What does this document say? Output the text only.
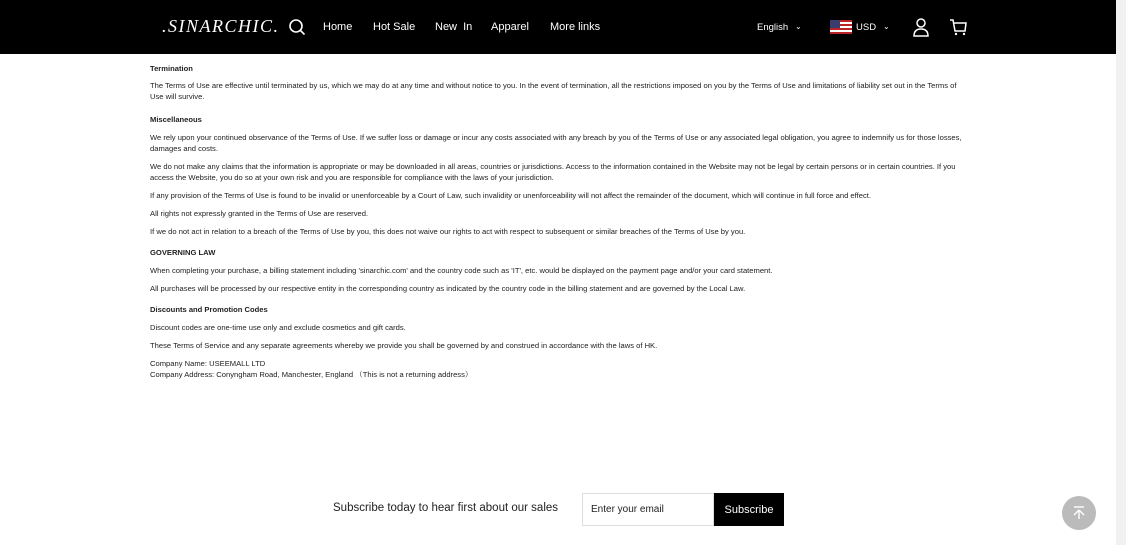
.SINARCHIC.	Home Hot Sale New  In Apparel More links	English ⌄	USD ⌄

Termination

The Terms of Use are effective until terminated by us, which we may do at any time and without notice to you. In the event of termination, all the restrictions imposed on you by the Terms of Use and limitations of liability set out in the Terms of Use will survive.

Miscellaneous

We rely upon your continued observance of the Terms of Use. If we suffer loss or damage or incur any costs associated with any breach by you of the Terms of Use or any associated legal obligation, you agree to indemnify us for those losses, damages and costs.

We do not make any claims that the information is appropriate or may be downloaded in all areas, countries or jurisdictions. Access to the information contained in the Website may not be legal by certain persons or in certain countries. If you access the Website, you do so at your own risk and you are responsible for compliance with the laws of your jurisdiction.

If any provision of the Terms of Use is found to be invalid or unenforceable by a Court of Law, such invalidity or unenforceability will not affect the remainder of the document, which will continue in full force and effect.

All rights not expressly granted in the Terms of Use are reserved.

If we do not act in relation to a breach of the Terms of Use by you, this does not waive our rights to act with respect to subsequent or similar breaches of the Terms of Use by you.

GOVERNING LAW

When completing your purchase, a billing statement including 'sinarchic.com' and the country code such as 'IT', etc. would be displayed on the payment page and/or your card statement.

All purchases will be processed by our respective entity in the corresponding country as indicated by the country code in the billing statement and are governed by the Local Law.

Discounts and Promotion Codes

Discount codes are one-time use only and exclude cosmetics and gift cards.

These Terms of Service and any separate agreements whereby we provide you shall be governed by and construed in accordance with the laws of HK.

Company Name: USEEMALL LTD
Company Address: Conyngham Road, Manchester, England （This is not a returning address）

Subscribe today to hear first about our sales
Enter your email	Subscribe
